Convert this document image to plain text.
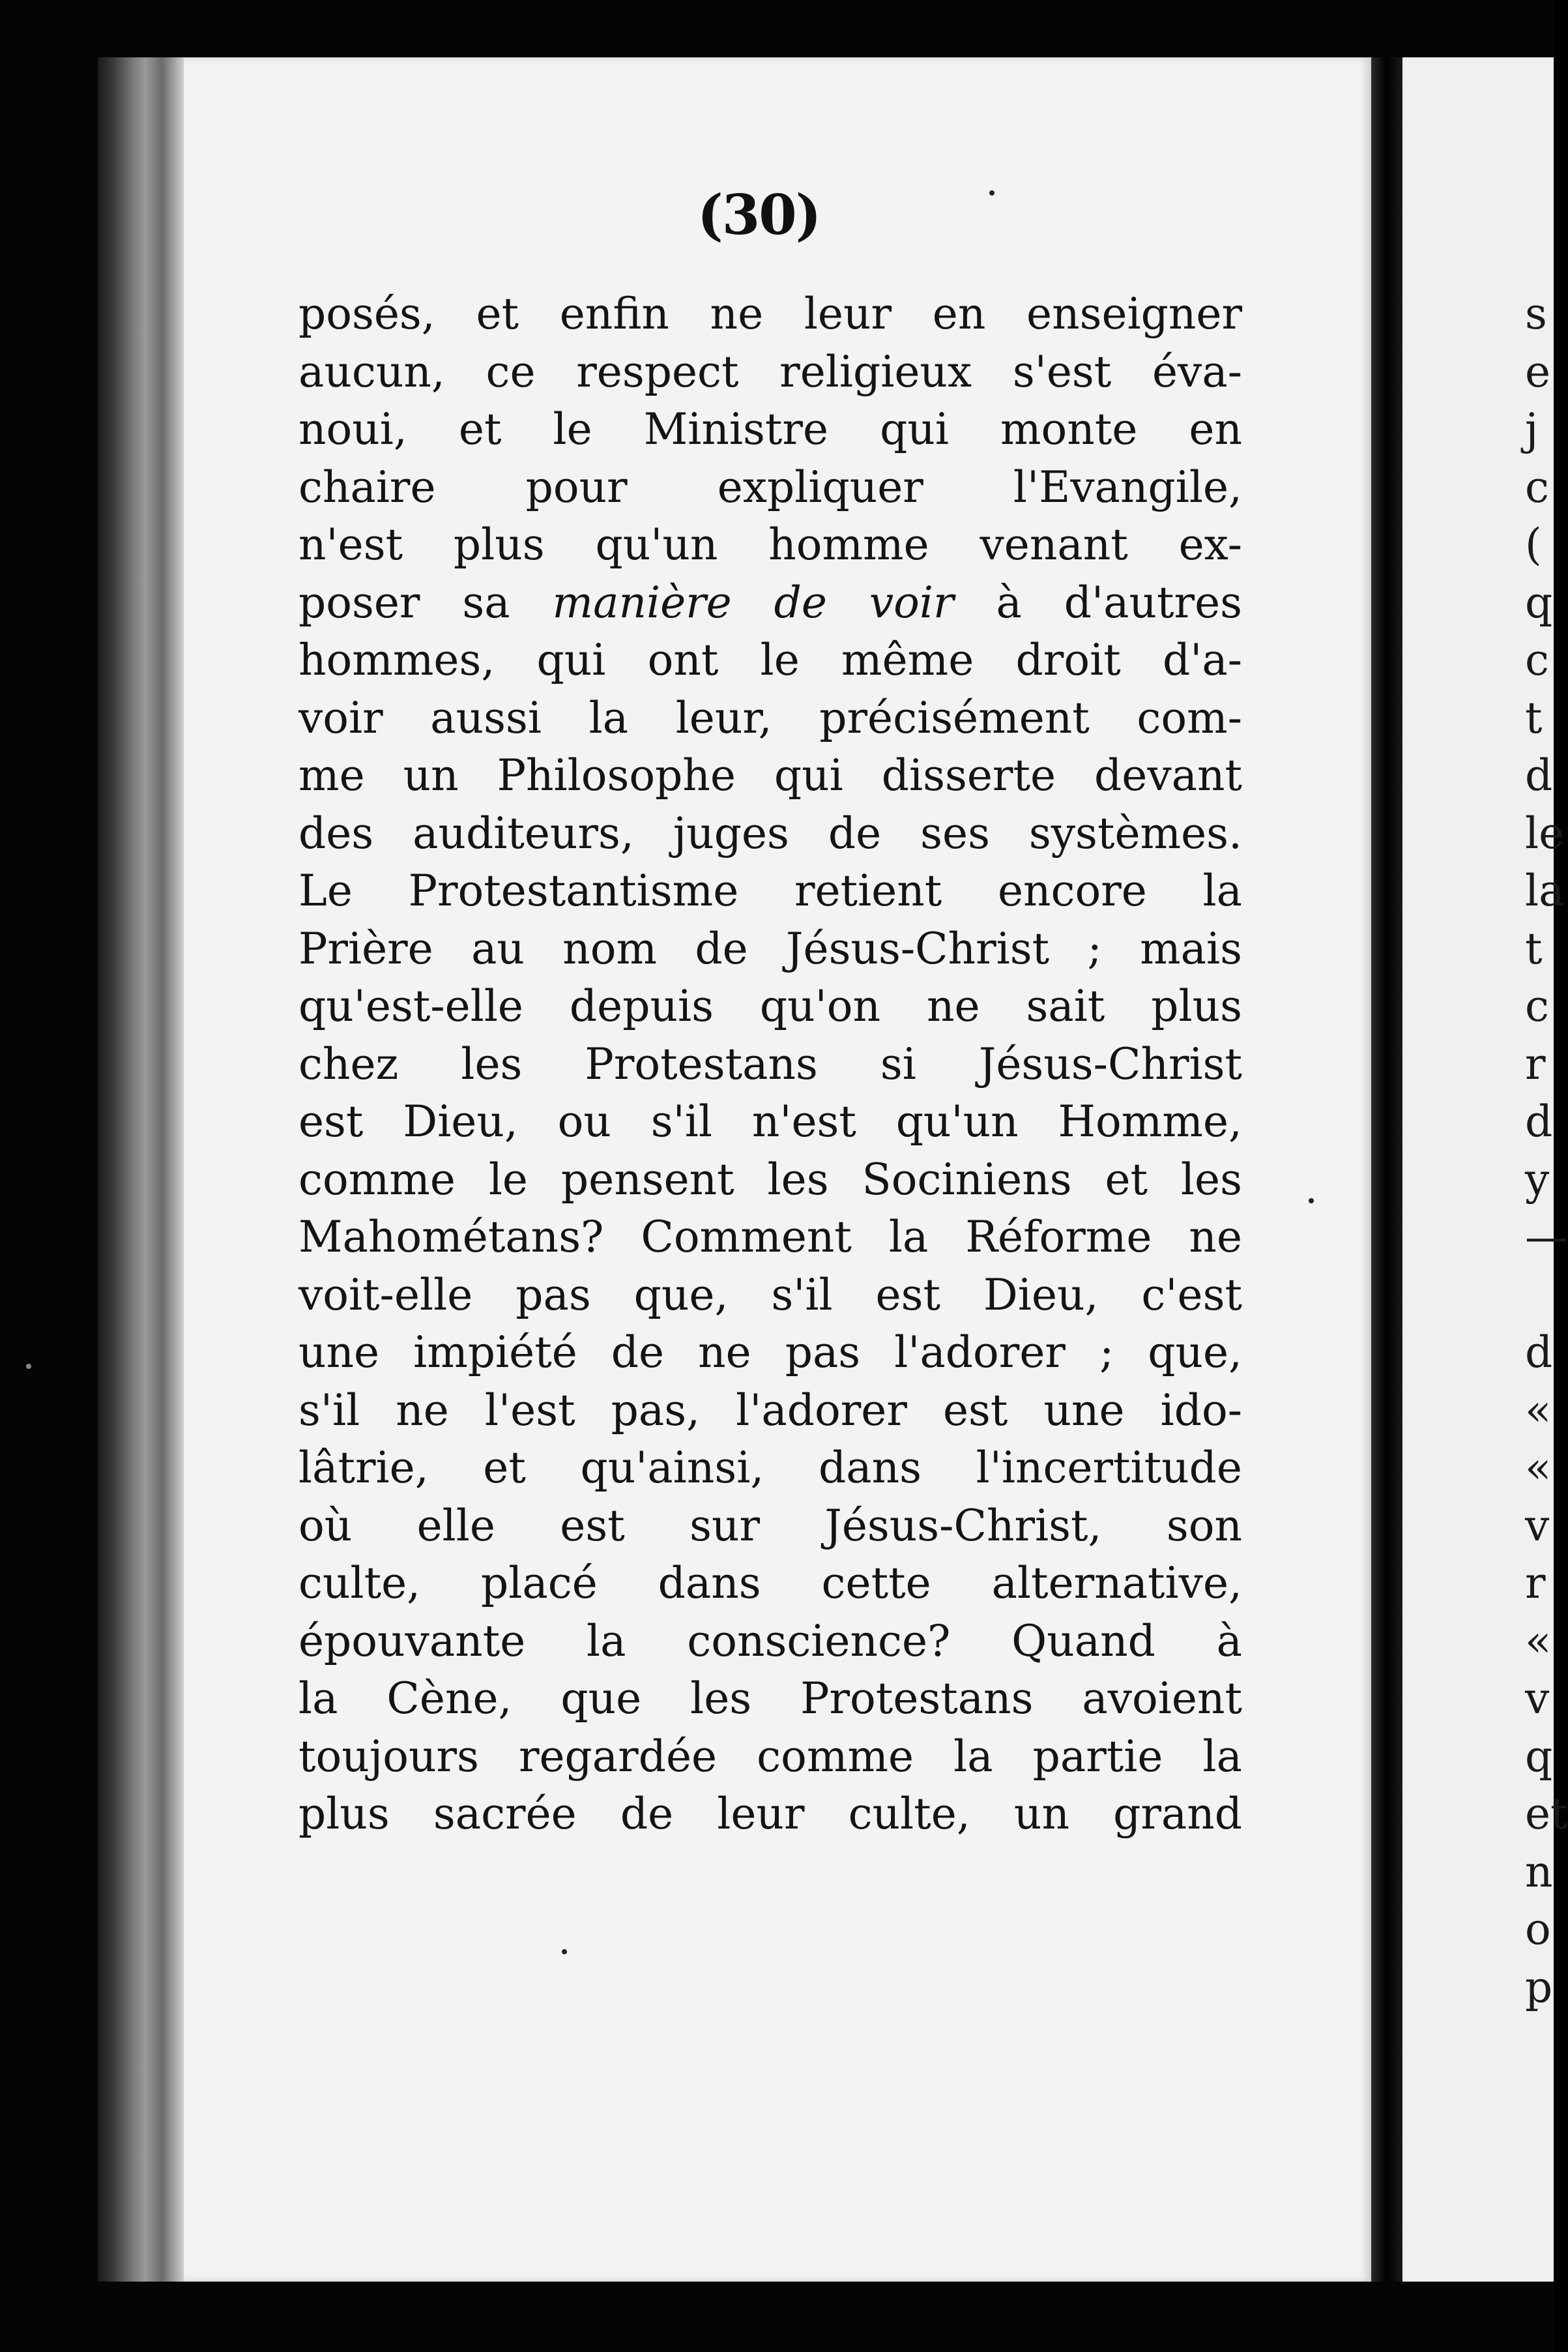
(30)
posés, et enfin ne leur en enseigner
aucun, ce respect religieux s'est éva-
noui, et le Ministre qui monte en
chaire pour expliquer l'Evangile,
n'est plus qu'un homme venant ex-
poser sa manière de voir à d'autres
hommes, qui ont le même droit d'a-
voir aussi la leur, précisément com-
me un Philosophe qui disserte devant
des auditeurs, juges de ses systèmes.
Le Protestantisme retient encore la
Prière au nom de Jésus-Christ ; mais
qu'est-elle depuis qu'on ne sait plus
chez les Protestans si Jésus-Christ
est Dieu, ou s'il n'est qu'un Homme,
comme le pensent les Sociniens et les
Mahométans? Comment la Réforme ne
voit-elle pas que, s'il est Dieu, c'est
une impiété de ne pas l'adorer ; que,
s'il ne l'est pas, l'adorer est une ido-
lâtrie, et qu'ainsi, dans l'incertitude
où elle est sur Jésus-Christ, son
culte, placé dans cette alternative,
épouvante la conscience? Quand à
la Cène, que les Protestans avoient
toujours regardée comme la partie la
plus sacrée de leur culte, un grand
s
e
j
c
(
q
c
t
d
le
la
t
c
r
d
y
—
d
«
«
v
r
«
v
q
et
n
o
p
